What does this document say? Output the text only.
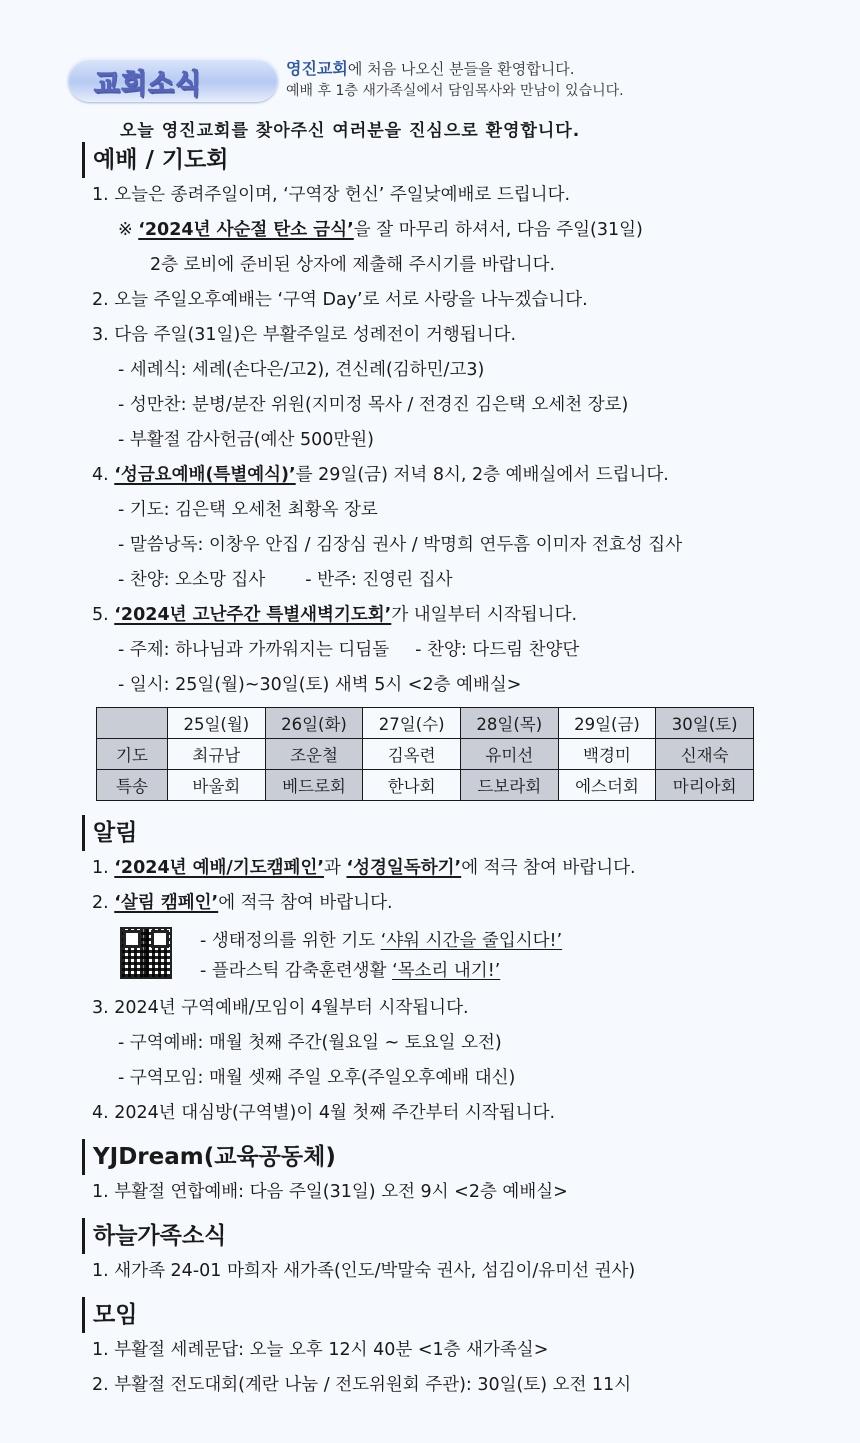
교회소식
영진교회에 처음 나오신 분들을 환영합니다.
예배 후 1층 새가족실에서 담임목사와 만남이 있습니다.
오늘 영진교회를 찾아주신 여러분을 진심으로 환영합니다.
예배 / 기도회
1. 오늘은 종려주일이며, ‘구역장 헌신’ 주일낮예배로 드립니다.
※ ‘2024년 사순절 탄소 금식’을 잘 마무리 하셔서, 다음 주일(31일)
2층 로비에 준비된 상자에 제출해 주시기를 바랍니다.
2. 오늘 주일오후예배는 ‘구역 Day’로 서로 사랑을 나누겠습니다.
3. 다음 주일(31일)은 부활주일로 성례전이 거행됩니다.
- 세례식: 세례(손다은/고2), 견신례(김하민/고3)
- 성만찬: 분병/분잔 위원(지미정 목사 / 전경진 김은택 오세천 장로)
- 부활절 감사헌금(예산 500만원)
4. ‘성금요예배(특별예식)’를 29일(금) 저녁 8시, 2층 예배실에서 드립니다.
- 기도: 김은택 오세천 최황옥 장로
- 말씀낭독: 이창우 안집 / 김장심 권사 / 박명희 연두흠 이미자 전효성 집사
- 찬양: 오소망 집사 - 반주: 진영린 집사
5. ‘2024년 고난주간 특별새벽기도회’가 내일부터 시작됩니다.
- 주제: 하나님과 가까워지는 디딤돌 - 찬양: 다드림 찬양단
- 일시: 25일(월)~30일(토) 새벽 5시 <2층 예배실>
	25일(월)	26일(화)	27일(수)	28일(목)	29일(금)	30일(토)
기도	최규남	조운철	김옥련	유미선	백경미	신재숙
특송	바울회	베드로회	한나회	드보라회	에스더회	마리아회
알림
1. ‘2024년 예배/기도캠페인’과 ‘성경일독하기’에 적극 참여 바랍니다.
2. ‘살림 캠페인’에 적극 참여 바랍니다.
- 생태정의를 위한 기도 ‘샤워 시간을 줄입시다!’
- 플라스틱 감축훈련생활 ‘목소리 내기!’
3. 2024년 구역예배/모임이 4월부터 시작됩니다.
- 구역예배: 매월 첫째 주간(월요일 ~ 토요일 오전)
- 구역모임: 매월 셋째 주일 오후(주일오후예배 대신)
4. 2024년 대심방(구역별)이 4월 첫째 주간부터 시작됩니다.
YJDream(교육공동체)
1. 부활절 연합예배: 다음 주일(31일) 오전 9시 <2층 예배실>
하늘가족소식
1. 새가족 24-01 마희자 새가족(인도/박말숙 권사, 섬김이/유미선 권사)
모임
1. 부활절 세례문답: 오늘 오후 12시 40분 <1층 새가족실>
2. 부활절 전도대회(계란 나눔 / 전도위원회 주관): 30일(토) 오전 11시
